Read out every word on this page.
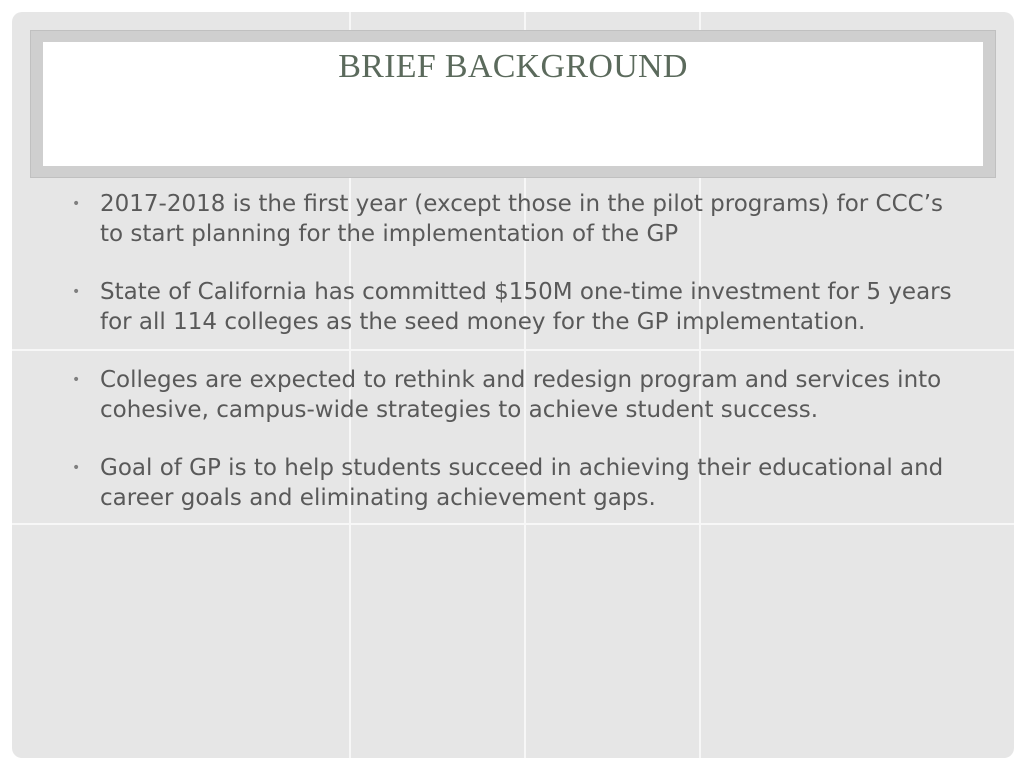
BRIEF BACKGROUND
• 2017-2018 is the first year (except those in the pilot programs) for CCC’s to start planning for the implementation of the GP
• State of California has committed $150M one-time investment for 5 years for all 114 colleges as the seed money for the GP implementation.
• Colleges are expected to rethink and redesign program and services into cohesive, campus-wide strategies to achieve student success.
• Goal of GP is to help students succeed in achieving their educational and career goals and eliminating achievement gaps.
